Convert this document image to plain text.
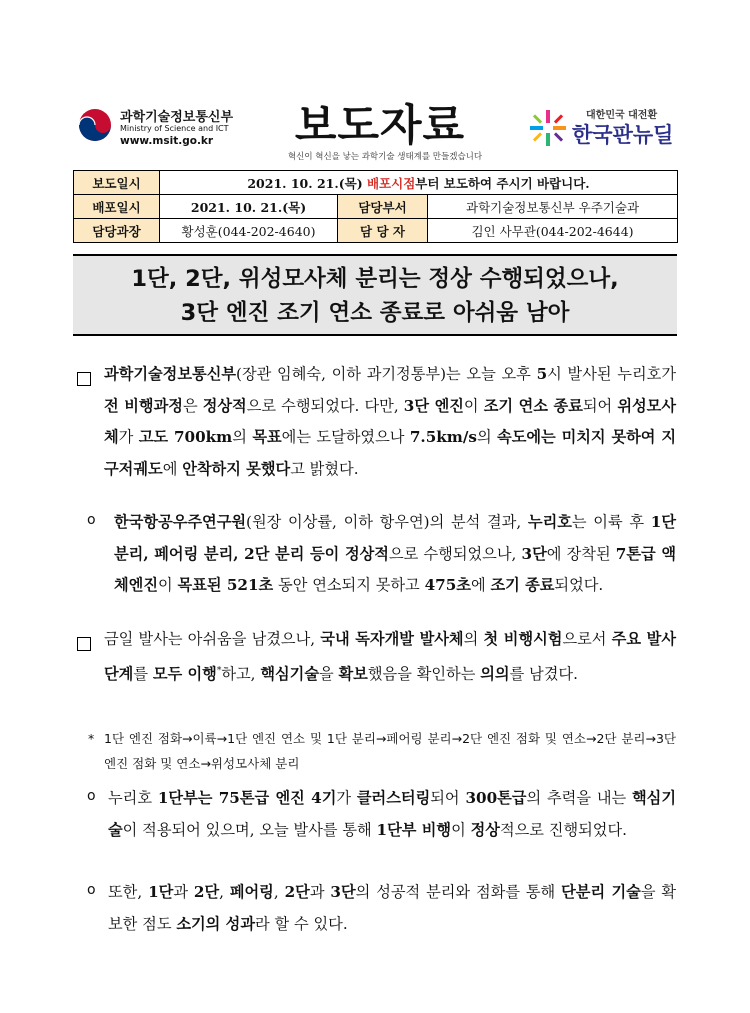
과학기술정보통신부
Ministry of Science and ICT
www.msit.go.kr	보도자료
혁신이 혁신을 낳는 과학기술 생태계를 만들겠습니다
대한민국 대전환
한국판뉴딜
보도일시	2021. 10. 21.(목) 배포시점부터 보도하여 주시기 바랍니다.		
배포일시	2021. 10. 21.(목)	담당부서	과학기술정보통신부 우주기술과
담당과장	황성훈(044-202-4640)	담 당 자	김인 사무관(044-202-4644)
1단, 2단, 위성모사체 분리는 정상 수행되었으나,
3단 엔진 조기 연소 종료로 아쉬움 남아
과학기술정보통신부(장관 임혜숙, 이하 과기정통부)는 오늘 오후 5시 발사된 누리호가 전 비행과정은 정상적으로 수행되었다. 다만, 3단 엔진이 조기 연소 종료되어 위성모사체가 고도 700km의 목표에는 도달하였으나 7.5km/s의 속도에는 미치지 못하여 지구저궤도에 안착하지 못했다고 밝혔다.
o 한국항공우주연구원(원장 이상률, 이하 항우연)의 분석 결과, 누리호는 이륙 후 1단 분리, 페어링 분리, 2단 분리 등이 정상적으로 수행되었으나, 3단에 장착된 7톤급 액체엔진이 목표된 521초 동안 연소되지 못하고 475초에 조기 종료되었다.
금일 발사는 아쉬움을 남겼으나, 국내 독자개발 발사체의 첫 비행시험으로서 주요 발사 단계를 모두 이행*하고, 핵심기술을 확보했음을 확인하는 의의를 남겼다.
* 1단 엔진 점화→이륙→1단 엔진 연소 및 1단 분리→페어링 분리→2단 엔진 점화 및 연소→2단 분리→3단 엔진 점화 및 연소→위성모사체 분리
o 누리호 1단부는 75톤급 엔진 4기가 클러스터링되어 300톤급의 추력을 내는 핵심기술이 적용되어 있으며, 오늘 발사를 통해 1단부 비행이 정상적으로 진행되었다.
o 또한, 1단과 2단, 페어링, 2단과 3단의 성공적 분리와 점화를 통해 단분리 기술을 확보한 점도 소기의 성과라 할 수 있다.
